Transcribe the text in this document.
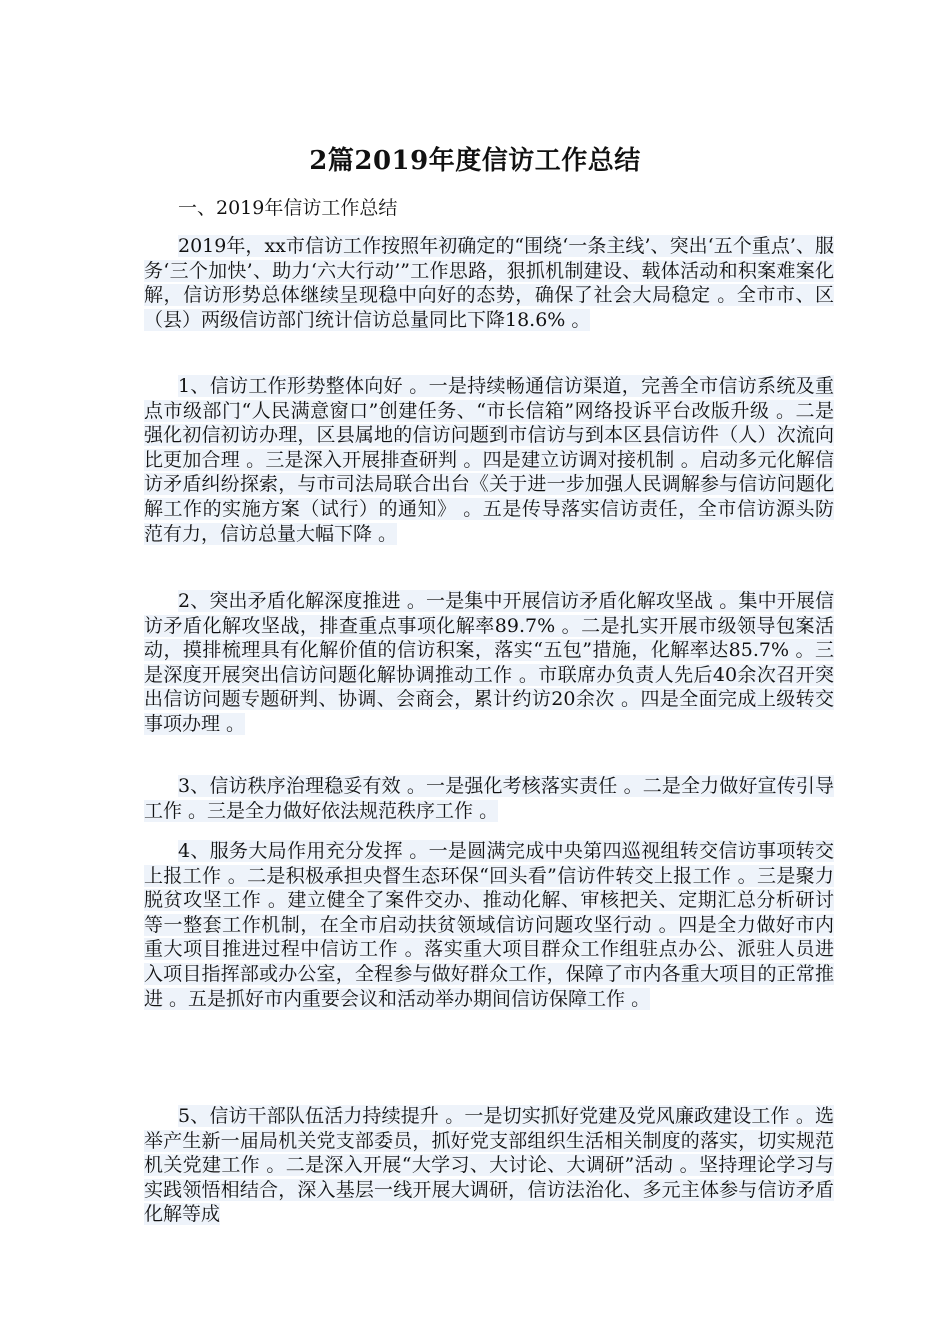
2篇2019年度信访工作总结
一、2019年信访工作总结
2019年，xx市信访工作按照年初确定的“围绕‘一条主线’、突出‘五个重点’、服务‘三个加快’、助力‘六大行动’”工作思路，狠抓机制建设、载体活动和积案难案化解，信访形势总体继续呈现稳中向好的态势，确保了社会大局稳定 。全市市、区（县）两级信访部门统计信访总量同比下降18.6% 。
1、信访工作形势整体向好 。一是持续畅通信访渠道，完善全市信访系统及重点市级部门“人民满意窗口”创建任务、“市长信箱”网络投诉平台改版升级 。二是强化初信初访办理，区县属地的信访问题到市信访与到本区县信访件（人）次流向比更加合理 。三是深入开展排查研判 。四是建立访调对接机制 。启动多元化解信访矛盾纠纷探索，与市司法局联合出台《关于进一步加强人民调解参与信访问题化解工作的实施方案（试行）的通知》 。五是传导落实信访责任，全市信访源头防范有力，信访总量大幅下降 。
2、突出矛盾化解深度推进 。一是集中开展信访矛盾化解攻坚战 。集中开展信访矛盾化解攻坚战，排查重点事项化解率89.7% 。二是扎实开展市级领导包案活动，摸排梳理具有化解价值的信访积案，落实“五包”措施，化解率达85.7% 。三是深度开展突出信访问题化解协调推动工作 。市联席办负责人先后40余次召开突出信访问题专题研判、协调、会商会，累计约访20余次 。四是全面完成上级转交事项办理 。
3、信访秩序治理稳妥有效 。一是强化考核落实责任 。二是全力做好宣传引导工作 。三是全力做好依法规范秩序工作 。
4、服务大局作用充分发挥 。一是圆满完成中央第四巡视组转交信访事项转交上报工作 。二是积极承担央督生态环保“回头看”信访件转交上报工作 。三是聚力脱贫攻坚工作 。建立健全了案件交办、推动化解、审核把关、定期汇总分析研讨等一整套工作机制，在全市启动扶贫领域信访问题攻坚行动 。四是全力做好市内重大项目推进过程中信访工作 。落实重大项目群众工作组驻点办公、派驻人员进入项目指挥部或办公室，全程参与做好群众工作，保障了市内各重大项目的正常推进 。五是抓好市内重要会议和活动举办期间信访保障工作 。
5、信访干部队伍活力持续提升 。一是切实抓好党建及党风廉政建设工作 。选举产生新一届局机关党支部委员，抓好党支部组织生活相关制度的落实，切实规范机关党建工作 。二是深入开展“大学习、大讨论、大调研”活动 。坚持理论学习与实践领悟相结合，深入基层一线开展大调研，信访法治化、多元主体参与信访矛盾化解等成
